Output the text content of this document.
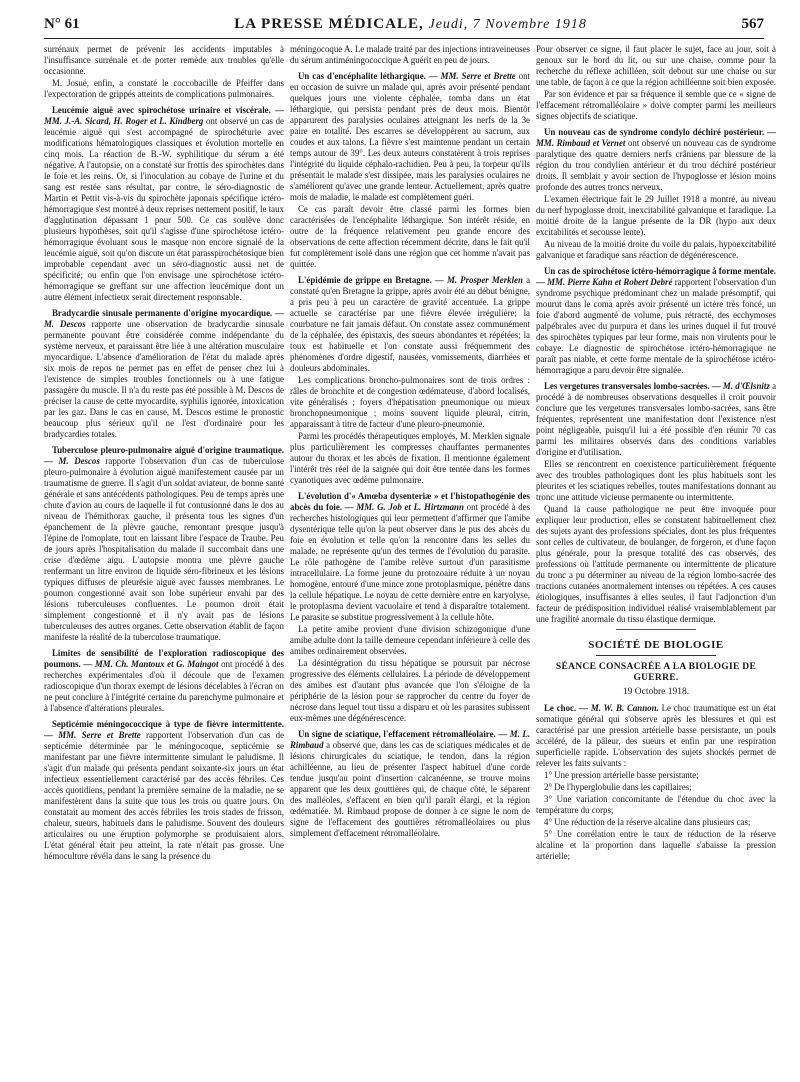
N° 61	LA PRESSE MÉDICALE, Jeudi, 7 Novembre 1918	567

surrénaux permet de prévenir les accidents imputables à l'insuffisance surrénale et de porter remède aux troubles qu'elle occasionne.

M. Josué, enfin, a constaté le coccobacille de Pfeiffer dans l'expectoration de grippés atteints de complications pulmonaires.

Leucémie aiguë avec spirochétose urinaire et viscérale. — MM. J.-A. Sicard, H. Roger et L. Kindberg ont observé un cas de leucémie aiguë qui s'est accompagné de spirochéturie avec modifications hématologiques classiques et évolution mortelle en cinq mois. La réaction de B.-W. syphilitique du sérum a été négative. A l'autopsie, on a constaté sur frottis des spirochètes dans le foie et les reins. Or, si l'inoculation au cobaye de l'urine et du sang est restée sans résultat, par contre, le séro-diagnostic de Martin et Pettit vis-à-vis du spirochète japonais spécifique ictéro-hémorragique s'est montré à deux reprises nettement positif, le taux d'agglutination dépassant 1 pour 500. Ce cas soulève donc plusieurs hypothèses, soit qu'il s'agisse d'une spirochétose ictéro-hémorragique évoluant sous le masque non encore signalé de la leucémie aiguë, soit qu'on discute un état parasspirochétosique bien improbable cependant avec un séro-diagnostic aussi net de spécificité; ou enfin que l'on envisage une spirochétose ictéro-hémorragique se greffant sur une affection leucémique dont un autre élément infectieux serait directement responsable.

Bradycardie sinusale permanente d'origine myocardique. — M. Descos rapporte une observation de bradycardie sinusale permanente pouvant être considérée comme indépendante du système nerveux, et paraissant être liée à une altération musculaire myocardique. L'absence d'amélioration de l'état du malade après six mois de repos ne permet pas en effet de penser chez lui à l'existence de simples troubles fonctionnels ou à une fatigue passagère du muscle. Il n'a du reste pas été possible à M. Descos de préciser la cause de cette myocardite, syphilis ignorée, intoxication par les gaz. Dans le cas en cause, M. Descos estime le pronostic beaucoup plus sérieux qu'il ne l'est d'ordinaire pour les bradycardies totales.

Tuberculose pleuro-pulmonaire aiguë d'origine traumatique. — M. Descos rapporte l'observation d'un cas de tuberculose pleuro-pulmonaire à évolution aiguë manifestement causée par un traumatisme de guerre. Il s'agit d'un soldat aviateur, de bonne santé générale et sans antécédents pathologiques. Peu de temps après une chute d'avion au cours de laquelle il fut contusionné dans le dos au niveau de l'hémithorax gauche, il présenta tous les signes d'un épanchement de la plèvre gauche, remontant presque jusqu'à l'épine de l'omoplate, tout en laissant libre l'espace de Traube. Peu de jours après l'hospitalisation du malade il succombait dans une crise d'œdème aigu. L'autopsie montra une plèvre gauche renfermant un litre environ de liquide séro-fibrineux et les lésions typiques diffuses de pleurésie aiguë avec fausses membranes. Le poumon congestionné avait son lobe supérieur envahi par des lésions tuberculeuses confluentes. Le poumon droit était simplement congestionné et il n'y avait pas de lésions tuberculeuses des autres organes. Cette observation établit de façon manifeste la réalité de la tuberculose traumatique.

Limites de sensibilité de l'exploration radioscopique des poumons. — MM. Ch. Mantoux et G. Maingot ont procédé à des recherches expérimentales d'où il découle que de l'examen radioscopique d'un thorax exempt de lésions décelables à l'écran on ne peut conclure à l'intégrité certaine du parenchyme pulmonaire et à l'absence d'altérations pleurales.

Septicémie méningococcique à type de fièvre intermittente. — MM. Serre et Brette rapportent l'observation d'un cas de septicémie déterminée par le méningocoque, septicémie se manifestant par une fièvre intermittente simulant le paludisme. Il s'agit d'un malade qui présenta pendant soixante-six jours un état infectieux essentiellement caractérisé par des accès fébriles. Ces accès quotidiens, pendant la première semaine de la maladie, ne se manifestèrent dans la suite que tous les trois ou quatre jours. On constatait au moment des accès fébriles les trois stades de frisson, chaleur, sueurs, habituels dans le paludisme. Souvent des douleurs articulaires ou une éruption polymorphe se produisaient alors. L'état général était peu atteint, la rate n'était pas grosse. Une hémoculture révéla dans le sang la présence du

méningocoque A. Le malade traité par des injections intraveineuses du sérum antiméningococcique A guérit en peu de jours.

Un cas d'encéphalite léthargique. — MM. Serre et Brette ont eu occasion de suivre un malade qui, après avoir présenté pendant quelques jours une violente céphalée, tomba dans un état léthargique, qui persista pendant près de deux mois. Bientôt apparurent des paralysies oculaires atteignant les nerfs de la 3e paire en totalité. Des escarres se développèrent au sacrum, aux coudes et aux talons. La fièvre s'est maintenue pendant un certain temps autour de 39°. Les deux auteurs constatèrent à trois reprises l'intégrité du liquide céphalo-rachidien. Peu à peu, la torpeur qu'ils présentait le malade s'est dissipée, mais les paralysies oculaires ne s'améliorent qu'avec une grande lenteur. Actuellement, après quatre mois de maladie, le malade est complètement guéri.

Ce cas paraît devoir être classé parmi les formes bien caractérisées de l'encéphalite léthargique. Son intérêt réside, en outre de la fréquence relativement peu grande encore des observations de cette affection récemment décrite, dans le fait qu'il fut complètement isolé dans une région que cet homme n'avait pas quittée.

L'épidémie de grippe en Bretagne. — M. Prosper Merklen a constaté qu'en Bretagne la grippe, après avoir été au début bénigne, a pris peu à peu un caractère de gravité accentuée. La grippe actuelle se caractérise par une fièvre élevée irrégulière; la courbature ne fait jamais défaut. On constate assez communément de la céphalée, des épistaxis, des sueurs abondantes et répétées; la toux est habituelle et l'on constate aussi fréquemment des phénomènes d'ordre digestif, nausées, vomissements, diarrhées et douleurs abdominales.

Les complications broncho-pulmonaires sont de trois ordres : râles de bronchite et de congestion œdémateuse, d'abord localisés, vite généralisés ; foyers d'hépatisation pneumonique ou mieux bronchopneumonique ; moins souvent liquide pleural, citrin, apparaissant à titre de facteur d'une pleuro-pneumonie.

Parmi les procédés thérapeutiques employés, M. Merklen signale plus particulièrement les compresses chauffantes permanentes autour du thorax et les abcès de fixation. Il mentionne également l'intérêt très réel de la saignée qui doit être tentée dans les formes cyanotiques avec œdème pulmonaire.

L'évolution d'« Amœba dysenteriæ » et l'histopathogénie des abcès du foie. — MM. G. Job et L. Hirtzmann ont procédé à des recherches histologiques qui leur permettent d'affirmer que l'amibe dysentérique telle qu'on la peut observer dans le pus des abcès du foie en évolution et telle qu'on la rencontre dans les selles du malade, ne représente qu'un des termes de l'évolution du parasite. Le rôle pathogène de l'amibe relève surtout d'un parasitisme intracellulaire. La forme jeune du protozoaire réduite à un noyau homogène, entouré d'une mince zone protoplasmique, pénètre dans la cellule hépatique. Le noyau de cette dernière entre en karyolyse, le protoplasma devient vacuolaire et tend à disparaître totalement. Le parasite se substitue progressivement à la cellule hôte.

La petite amibe provient d'une division schizogonique d'une amibe adulte dont la taille demeure cependant inférieure à celle des amibes ordinairement observées.

La désintégration du tissu hépatique se poursuit par nécrose progressive des éléments cellulaires. La période de développement des amibes est d'autant plus avancée que l'on s'éloigne de la périphérie de la lésion pour se rapprocher du centre du foyer de nécrose dans lequel tout tissu a disparu et où les parasites subissent eux-mêmes une dégénérescence.

Un signe de sciatique, l'effacement rétromalléolaire. — M. L. Rimbaud a observé que, dans les cas de sciatiques médicales et de lésions chirurgicales du sciatique, le tendon, dans la région achilléenne, au lieu de présenter l'aspect habituel d'une corde tendue jusqu'au point d'insertion calcanéenne, se trouve moins apparent que les deux gouttières qui, de chaque côté, le séparent des malléoles, s'effacent en bien qu'il paraît élargi, et la région œdématiée. M. Rimbaud propose de donner à ce signe le nom de signe de l'effacement des gouttières rétromalléolaires ou plus simplement d'effacement rétromalléolaire.

Pour observer ce signe, il faut placer le sujet, face au jour, soit à genoux sur le bord du lit, ou sur une chaise, comme pour la recherche du réflexe achilléen, soit debout sur une chaise ou sur une table, de façon à ce que la région achilléenne soit bien exposée.

Par son évidence et par sa fréquence il semble que ce « signe de l'effacement rétromalléolaire » doive compter parmi les meilleurs signes objectifs de sciatique.

Un nouveau cas de syndrome condylo déchiré postérieur. — MM. Rimbaud et Vernet ont observé un nouveau cas de syndrome paralytique des quatre derniers nerfs crâniens par blessure de la région du trou condylien antérieur et du trou déchiré postérieur droits. Il semblait y avoir section de l'hypoglosse et lésion moins profonde des autres troncs nerveux.

L'examen électrique fait le 29 Juillet 1918 a montré, au niveau du nerf hypoglosse droit, inexcitabilité galvanique et faradique. La moitié droite de la langue présente de la DR (hypo aux deux excitabilités et secousse lente).

Au niveau de la moitié droite du voile du palais, hypoexcitabilité galvanique et faradique sans réaction de dégénérescence.

Un cas de spirochétose ictéro-hémorragique à forme mentale. — MM. Pierre Kahn et Robert Debré rapportent l'observation d'un syndrome psychique prédominant chez un malade présomptif, qui mourut dans le coma après avoir présenté un ictère très foncé, un foie d'abord augmenté de volume, puis rétracté, des ecchymoses palpébrales avec du purpura et dans les urines duquel il fut trouvé des spirochètes typiques par leur forme, mais non virulents pour le cobaye. Le diagnostic de spirochétose ictéro-hémorragique ne paraît pas niable, et cette forme mentale de la spirochétose ictéro-hémorragique a paru devoir être signalée.

Les vergetures transversales lombo-sacrées. — M. d'Œlsnitz a procédé à de nombreuses observations desquelles il croit pouvoir conclure que les vergetures transversales lombo-sacrées, sans être fréquentes, représentent une manifestation dont l'existence n'est point négligeable, puisqu'il lui a été possible d'en réunir 70 cas parmi les militaires observés dans des conditions variables d'origine et d'utilisation.

Elles se rencontrent en coexistence particulièrement fréquente avec des troubles pathologiques dont les plus habituels sont les pleurites et les sciatiques rebelles, toutes manifestations donnant au tronc une attitude vicieuse permanente ou intermittente.

Quand la cause pathologique ne peut être invoquée pour expliquer leur production, elles se constatent habituellement chez des sujets ayant des professions spéciales, dont les plus fréquentes sont celles de cultivateur, de boulanger, de forgeron, et d'une façon plus générale, pour la presque totalité des cas observés, des professions où l'attitude permanente ou intermittente de plicature du tronc a pu déterminer au niveau de la région lombo-sacrée des tractions cutanées anormalement intenses ou répétées. A ces causes étiologiques, insuffisantes à elles seules, il faut l'adjonction d'un facteur de prédisposition individuel réalisé vraisemblablement par une fragilité anormale du tissu élastique dermique.

SOCIÉTÉ DE BIOLOGIE
SÉANCE CONSACRÉE A LA BIOLOGIE DE GUERRE.
19 Octobre 1918.

Le choc. — M. W. B. Cannon. Le choc traumatique est un état somatique général qui s'observe après les blessures et qui est caractérisé par une pression artérielle basse persistante, un pouls accéléré, de la pâleur, des sueurs et enfin par une respiration superficielle rapide. L'observation des sujets shockés permet de relever les faits suivants :

1° Une pression artérielle basse persistante;

2° De l'hyperglobulie dans les capillaires;

3° Une variation concomitante de l'étendue du choc avec la température du corps;

4° Une réduction de la réserve alcaline dans plusieurs cas;

5° Une corrélation entre le taux de réduction de la réserve alcaline et la proportion dans laquelle s'abaisse la pression artérielle;
